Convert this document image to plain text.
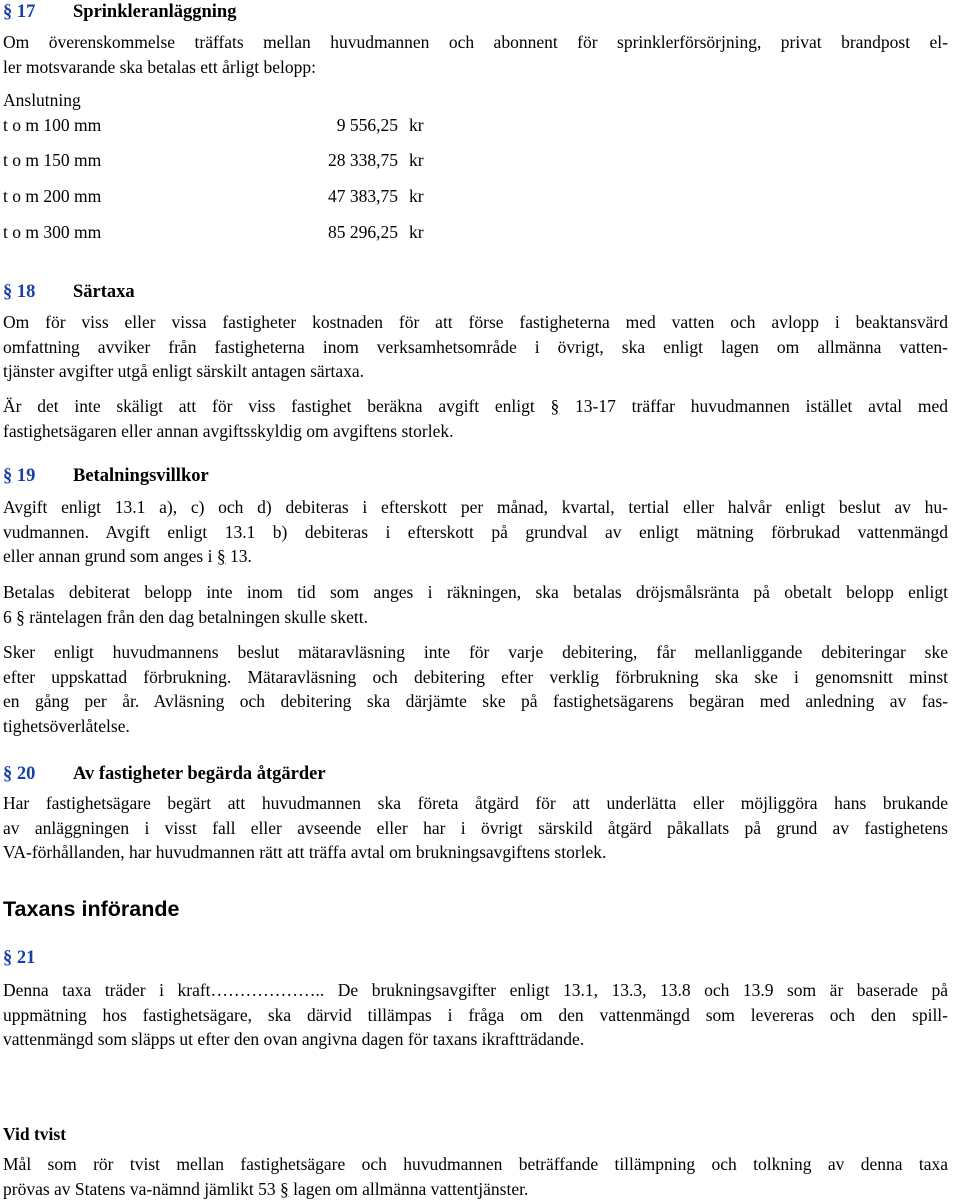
§ 17 Sprinkleranläggning

Om överenskommelse träffats mellan huvudmannen och abonnent för sprinklerförsörjning, privat brandpost el-
ler motsvarande ska betalas ett årligt belopp:

Anslutning
t o m 100 mm	9 556,25 kr
t o m 150 mm	28 338,75 kr
t o m 200 mm	47 383,75 kr
t o m 300 mm	85 296,25 kr
§ 18 Särtaxa

Om för viss eller vissa fastigheter kostnaden för att förse fastigheterna med vatten och avlopp i beaktansvärd
omfattning avviker från fastigheterna inom verksamhetsområde i övrigt, ska enligt lagen om allmänna vatten-
tjänster avgifter utgå enligt särskilt antagen särtaxa.

Är det inte skäligt att för viss fastighet beräkna avgift enligt § 13-17 träffar huvudmannen istället avtal med
fastighetsägaren eller annan avgiftsskyldig om avgiftens storlek.

§ 19 Betalningsvillkor

Avgift enligt 13.1 a), c) och d) debiteras i efterskott per månad, kvartal, tertial eller halvår enligt beslut av hu-
vudmannen. Avgift enligt 13.1 b) debiteras i efterskott på grundval av enligt mätning förbrukad vattenmängd
eller annan grund som anges i § 13.

Betalas debiterat belopp inte inom tid som anges i räkningen, ska betalas dröjsmålsränta på obetalt belopp enligt
6 § räntelagen från den dag betalningen skulle skett.

Sker enligt huvudmannens beslut mätaravläsning inte för varje debitering, får mellanliggande debiteringar ske
efter uppskattad förbrukning. Mätaravläsning och debitering efter verklig förbrukning ska ske i genomsnitt minst
en gång per år. Avläsning och debitering ska därjämte ske på fastighetsägarens begäran med anledning av fas-
tighetsöverlåtelse.

§ 20 Av fastigheter begärda åtgärder

Har fastighetsägare begärt att huvudmannen ska företa åtgärd för att underlätta eller möjliggöra hans brukande
av anläggningen i visst fall eller avseende eller har i övrigt särskild åtgärd påkallats på grund av fastighetens
VA-förhållanden, har huvudmannen rätt att träffa avtal om brukningsavgiftens storlek.

Taxans införande
§ 21

Denna taxa träder i kraft……………….. De brukningsavgifter enligt 13.1, 13.3, 13.8 och 13.9 som är baserade på
uppmätning hos fastighetsägare, ska därvid tillämpas i fråga om den vattenmängd som levereras och den spill-
vattenmängd som släpps ut efter den ovan angivna dagen för taxans ikraftträdande.

Vid tvist

Mål som rör tvist mellan fastighetsägare och huvudmannen beträffande tillämpning och tolkning av denna taxa
prövas av Statens va-nämnd jämlikt 53 § lagen om allmänna vattentjänster.
